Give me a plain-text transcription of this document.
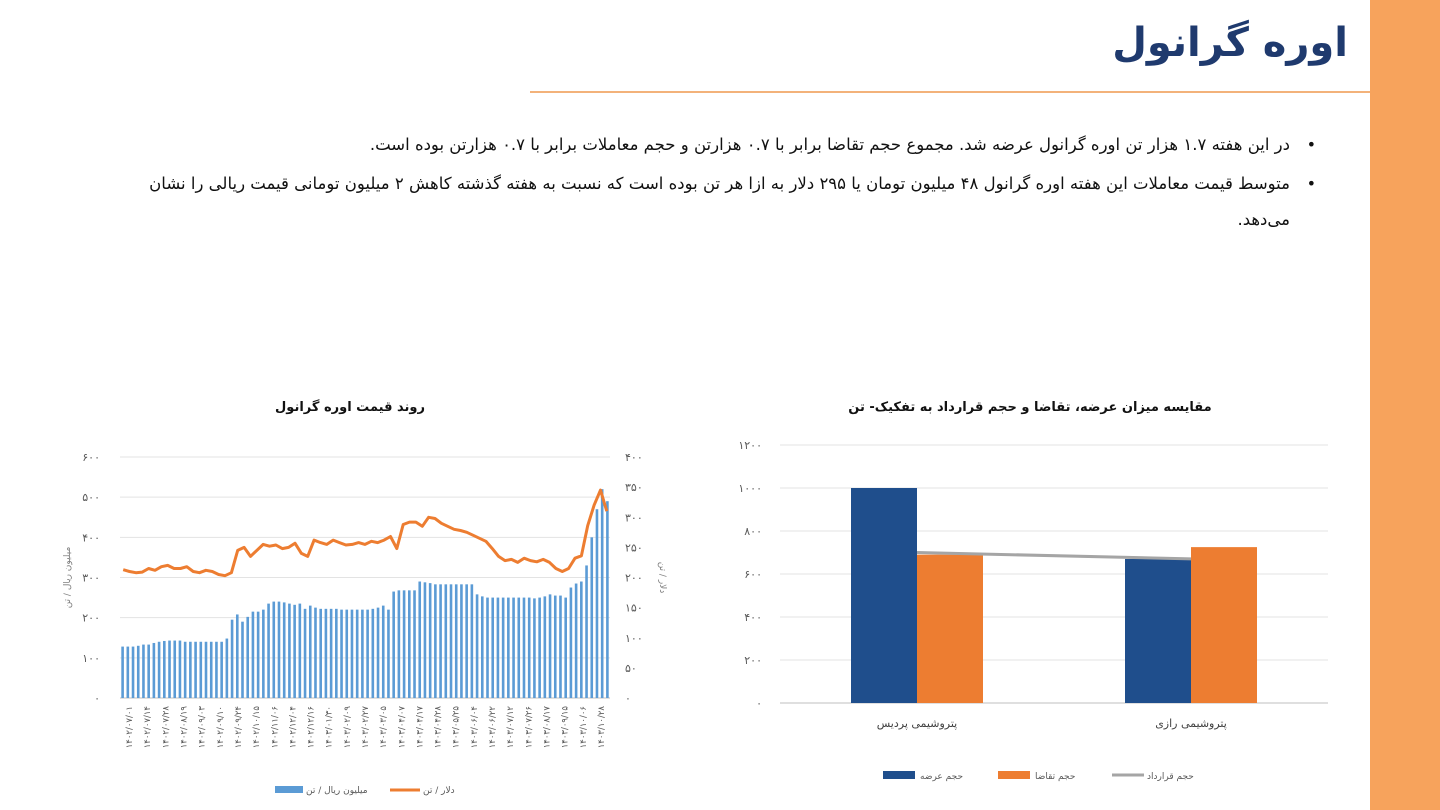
اوره گرانول
• در این هفته ۱.۷ هزار تن اوره گرانول عرضه شد. مجموع حجم تقاضا برابر با ۰.۷ هزارتن و حجم معاملات برابر با ۰.۷ هزارتن بوده است.
• متوسط قیمت معاملات این هفته اوره گرانول ۴۸ میلیون تومان یا ۲۹۵ دلار به ازا هر تن بوده است که نسبت به هفته گذشته کاهش ۲ میلیون تومانی قیمت ریالی را نشان می‌دهد.
روند قیمت اوره گرانول
۰
۱۰۰
۲۰۰
۳۰۰
۴۰۰
۵۰۰
۶۰۰
۰
۵۰
۱۰۰
۱۵۰
۲۰۰
۲۵۰
۳۰۰
۳۵۰
۴۰۰
میلیون ریال / تن	دلار / تن
۱۴۰۲/۰۷/۰۱ ۱۴۰۲/۰۷/۱۴ ۱۴۰۲/۰۷/۲۸ ۱۴۰۲/۰۸/۱۹ ۱۴۰۲/۰۹/۰۳ ۱۴۰۲/۰۹/۱۰ ۱۴۰۲/۰۹/۲۴ ۱۴۰۲/۱۰/۱۵ ۱۴۰۲/۱۱/۰۶ ۱۴۰۲/۱۲/۰۴ ۱۴۰۲/۱۲/۱۶ ۱۴۰۳/۰۱/۳۰ ۱۴۰۳/۰۲/۰۹ ۱۴۰۳/۰۲/۲۷ ۱۴۰۳/۰۳/۰۵ ۱۴۰۳/۰۴/۰۷ ۱۴۰۳/۰۴/۱۷ ۱۴۰۳/۰۴/۲۸ ۱۴۰۳/۰۵/۲۵ ۱۴۰۳/۰۶/۰۴ ۱۴۰۳/۰۶/۲۲ ۱۴۰۳/۰۷/۱۲ ۱۴۰۳/۰۷/۲۶ ۱۴۰۳/۰۸/۱۷ ۱۴۰۳/۰۹/۱۵ ۱۴۰۳/۱۰/۰۶ ۱۴۰۳/۱۰/۲۸
میلیون ریال / تن	دلار / تن
مقایسه میزان عرضه، تقاضا و حجم قرارداد به تفکیک- تن
۰
۲۰۰
۴۰۰
۶۰۰
۸۰۰
۱۰۰۰
۱۲۰۰
پتروشیمی پردیس	پتروشیمی رازی
حجم عرضه	حجم تقاضا	حجم قرارداد
